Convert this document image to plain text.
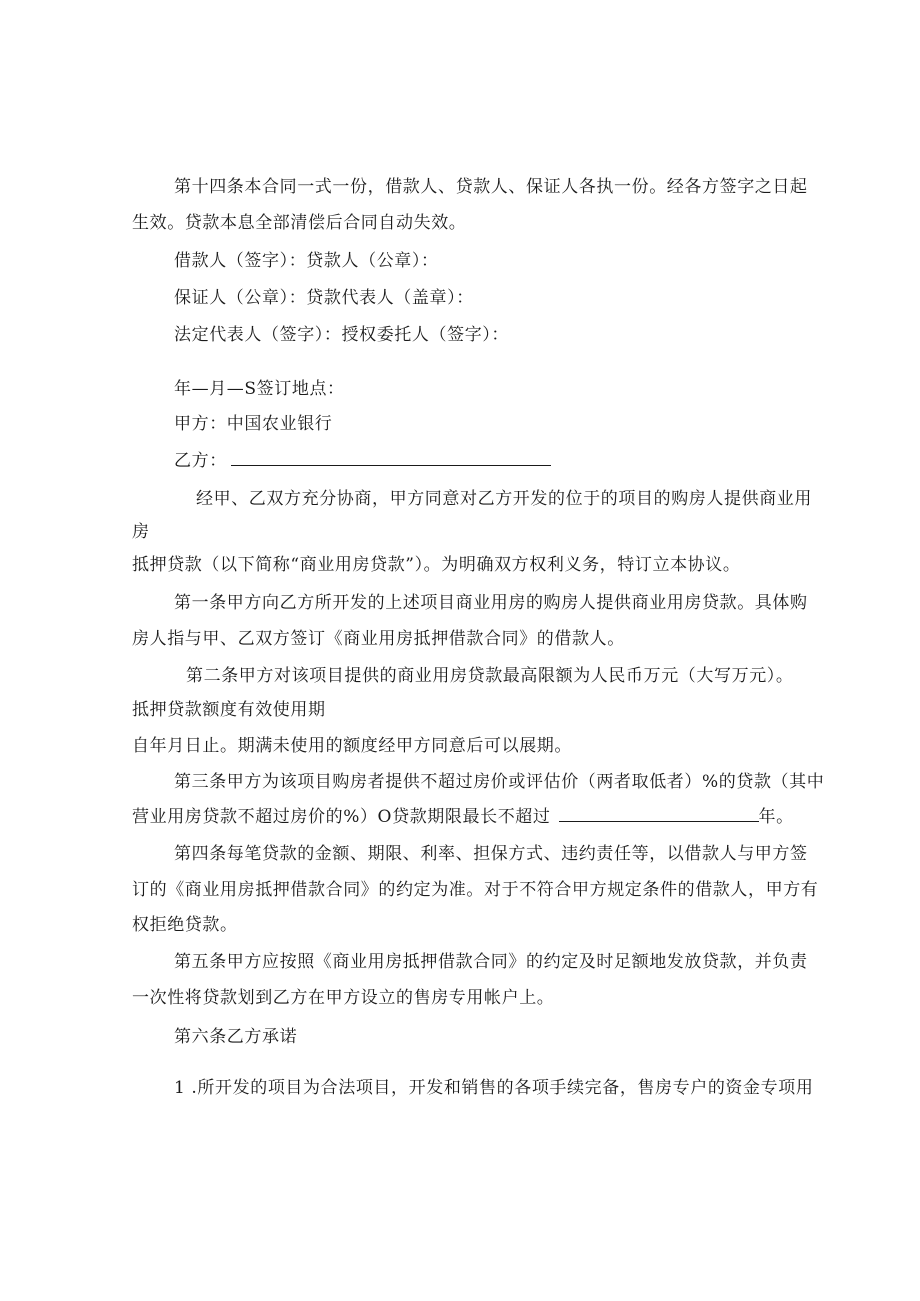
第十四条本合同一式一份，借款人、贷款人、保证人各执一份。经各方签字之日起
生效。贷款本息全部清偿后合同自动失效。
借款人（签字）：贷款人（公章）：
保证人（公章）：贷款代表人（盖章）：
法定代表人（签字）：授权委托人（签字）：
年—月—S签订地点：
甲方：中国农业银行
乙方：
经甲、乙双方充分协商，甲方同意对乙方开发的位于的项目的购房人提供商业用
房
抵押贷款（以下简称“商业用房贷款”）。为明确双方权利义务，特订立本协议。
第一条甲方向乙方所开发的上述项目商业用房的购房人提供商业用房贷款。具体购
房人指与甲、乙双方签订《商业用房抵押借款合同》的借款人。
第二条甲方对该项目提供的商业用房贷款最高限额为人民币万元（大写万元）。
抵押贷款额度有效使用期
自年月日止。期满未使用的额度经甲方同意后可以展期。
第三条甲方为该项目购房者提供不超过房价或评估价（两者取低者）%的贷款（其中
营业用房贷款不超过房价的%）O贷款期限最长不超过	年。
第四条每笔贷款的金额、期限、利率、担保方式、违约责任等，以借款人与甲方签
订的《商业用房抵押借款合同》的约定为准。对于不符合甲方规定条件的借款人，甲方有
权拒绝贷款。
第五条甲方应按照《商业用房抵押借款合同》的约定及时足额地发放贷款，并负责
一次性将贷款划到乙方在甲方设立的售房专用帐户上。
第六条乙方承诺
1 .所开发的项目为合法项目，开发和销售的各项手续完备，售房专户的资金专项用
